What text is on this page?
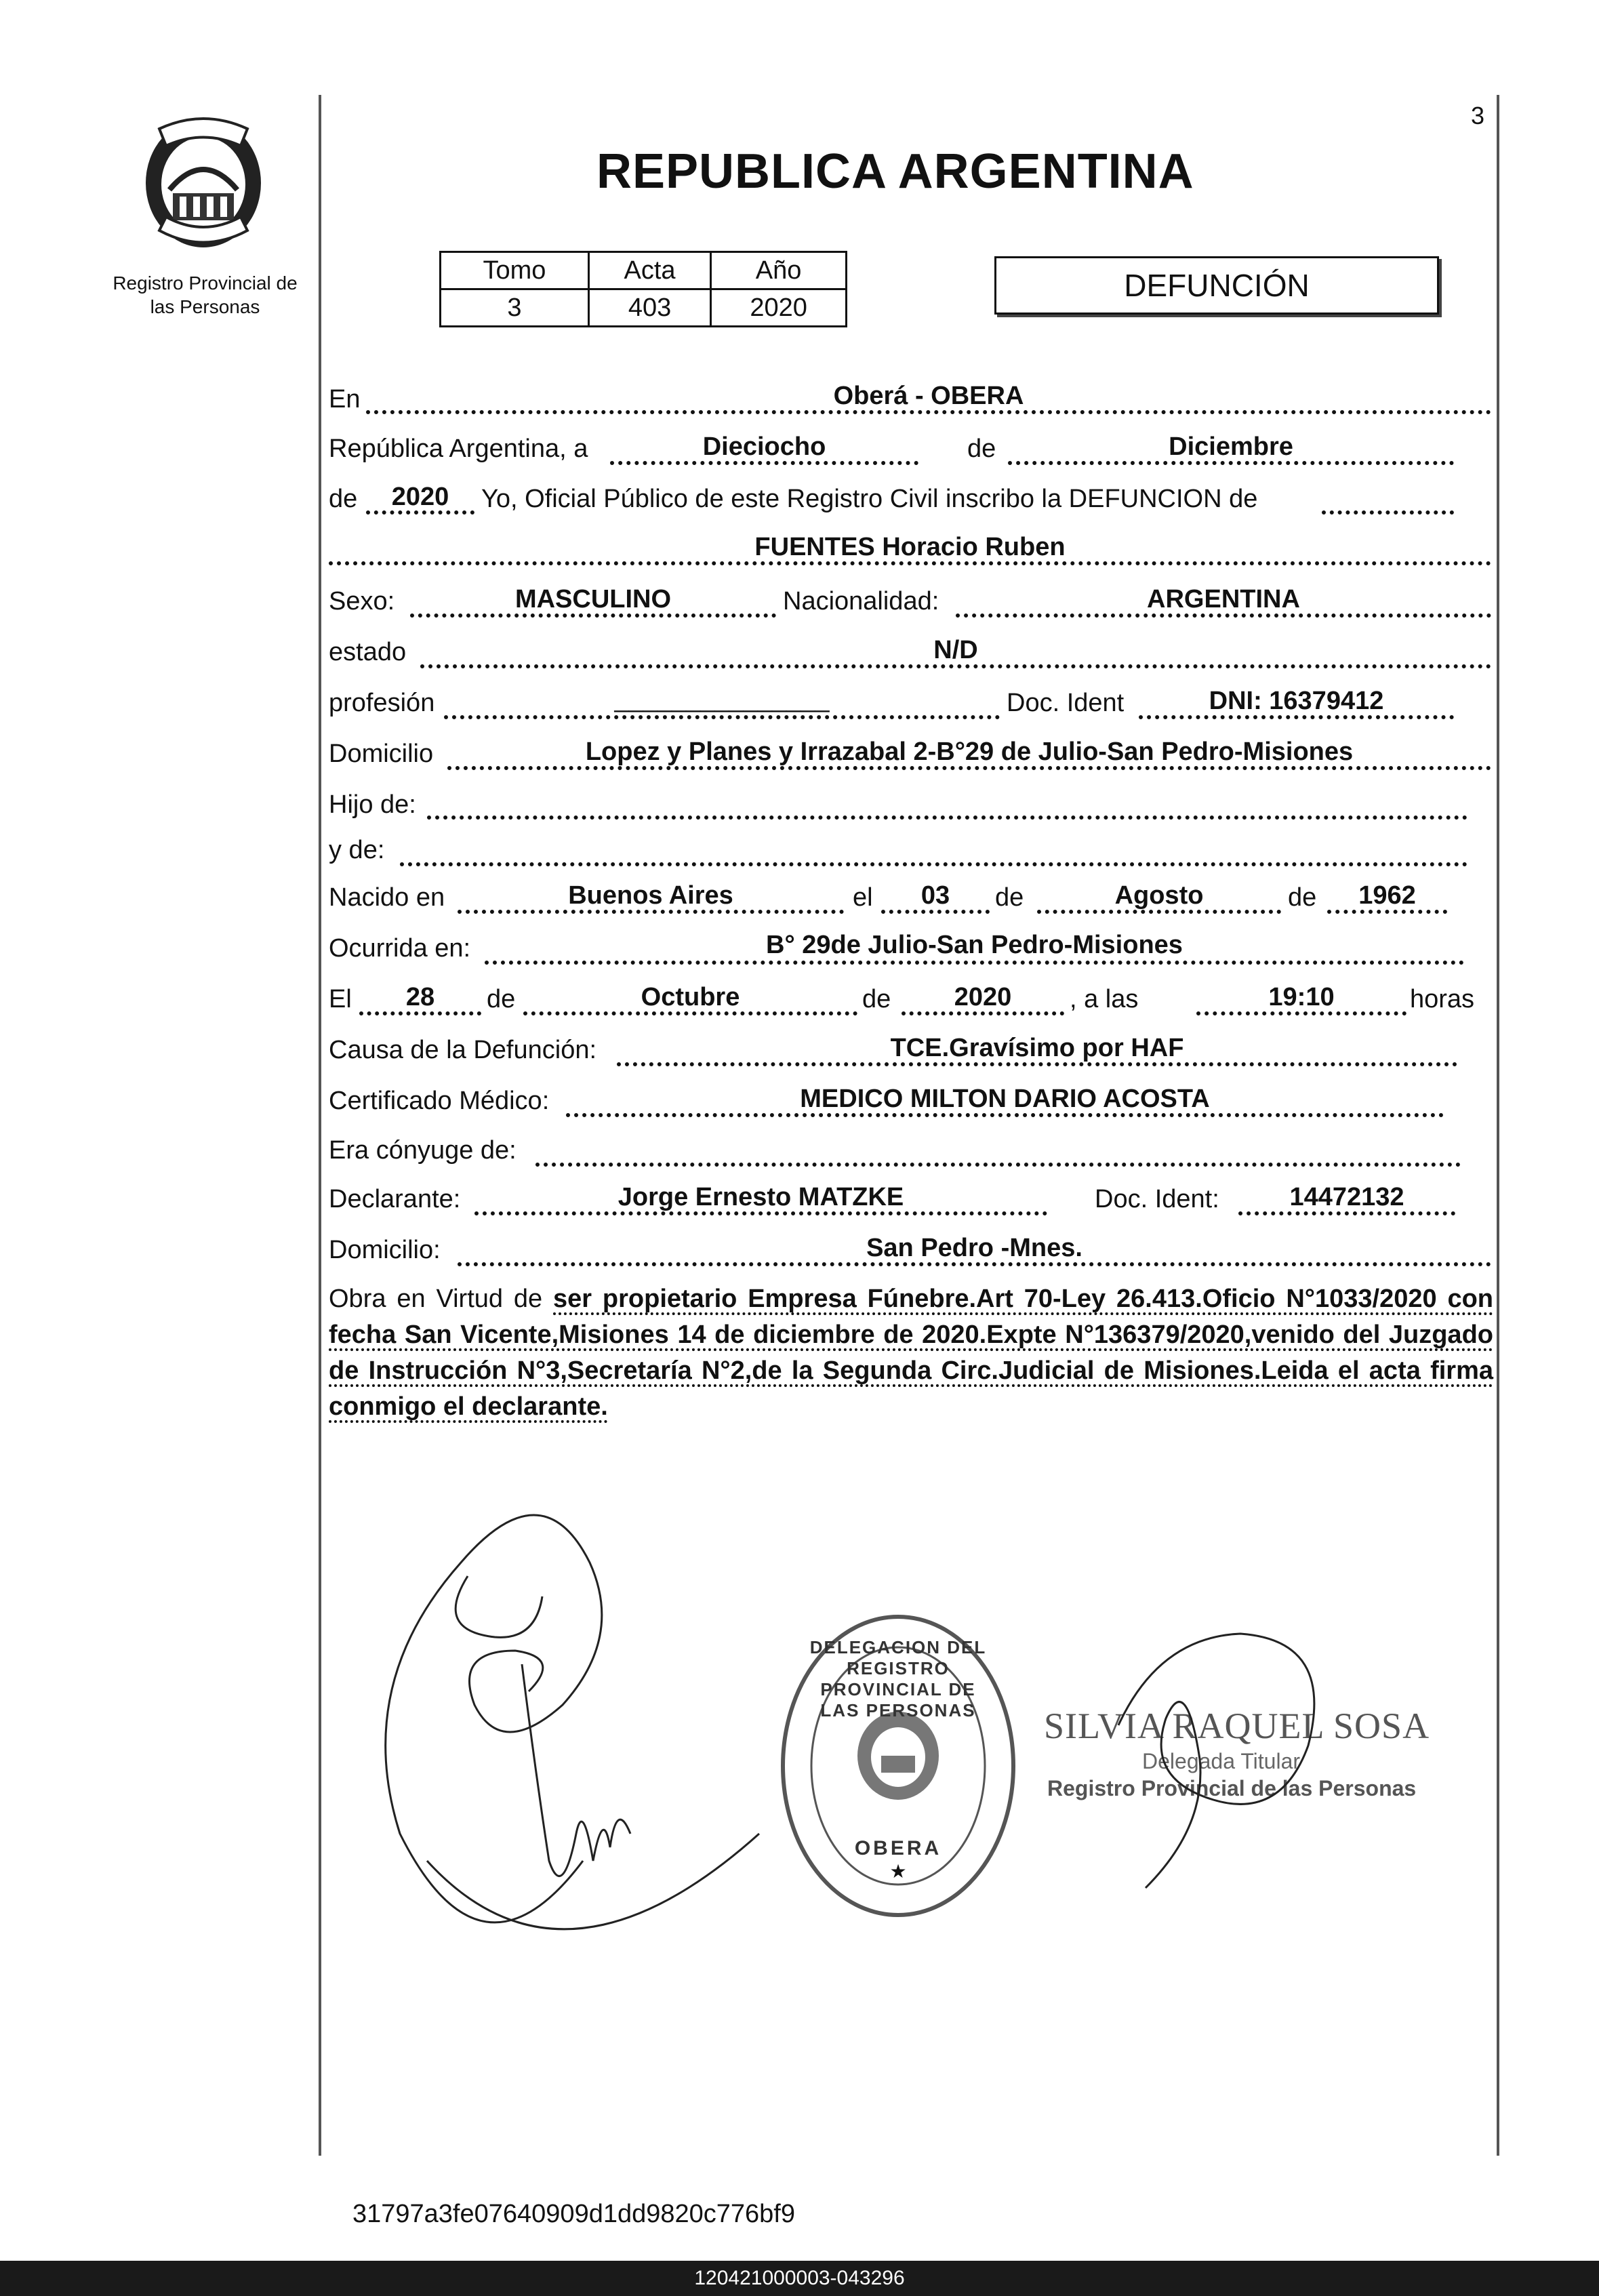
Registro Provincial de las Personas
3
REPUBLICA ARGENTINA
Tomo	Acta	Año
3	403	2020
DEFUNCIÓN
En	Oberá - OBERA
República Argentina, a	Dieciocho	de	Diciembre
de	2020	Yo, Oficial Público de este Registro Civil inscribo la DEFUNCION de
FUENTES Horacio Ruben
Sexo:	MASCULINO	Nacionalidad:	ARGENTINA
estado	N/D
profesión	_______________	Doc. Ident	DNI: 16379412
Domicilio	Lopez y Planes y Irrazabal 2-B°29 de Julio-San Pedro-Misiones
Hijo de:
y de:
Nacido en	Buenos Aires	el	03	de	Agosto	de	1962
Ocurrida en:	B° 29de Julio-San Pedro-Misiones
El	28	de	Octubre	de	2020	, a las	19:10	horas
Causa de la Defunción:	TCE.Gravísimo por HAF
Certificado Médico:	MEDICO MILTON DARIO ACOSTA
Era cónyuge de:
Declarante:	Jorge Ernesto MATZKE	Doc. Ident:	14472132
Domicilio:	San Pedro -Mnes.
Obra en Virtud de ser propietario Empresa Fúnebre.Art 70-Ley 26.413.Oficio N°1033/2020 con fecha San Vicente,Misiones 14 de diciembre de 2020.Expte N°136379/2020,venido del Juzgado de Instrucción N°3,Secretaría N°2,de la Segunda Circ.Judicial de Misiones.Leida el acta firma conmigo el declarante.
★
DELEGACION DEL REGISTRO PROVINCIAL DE LAS PERSONAS
OBERA
SILVIA RAQUEL SOSA
Delegada Titular
Registro Provincial de las Personas
31797a3fe07640909d1dd9820c776bf9
120421000003-043296
